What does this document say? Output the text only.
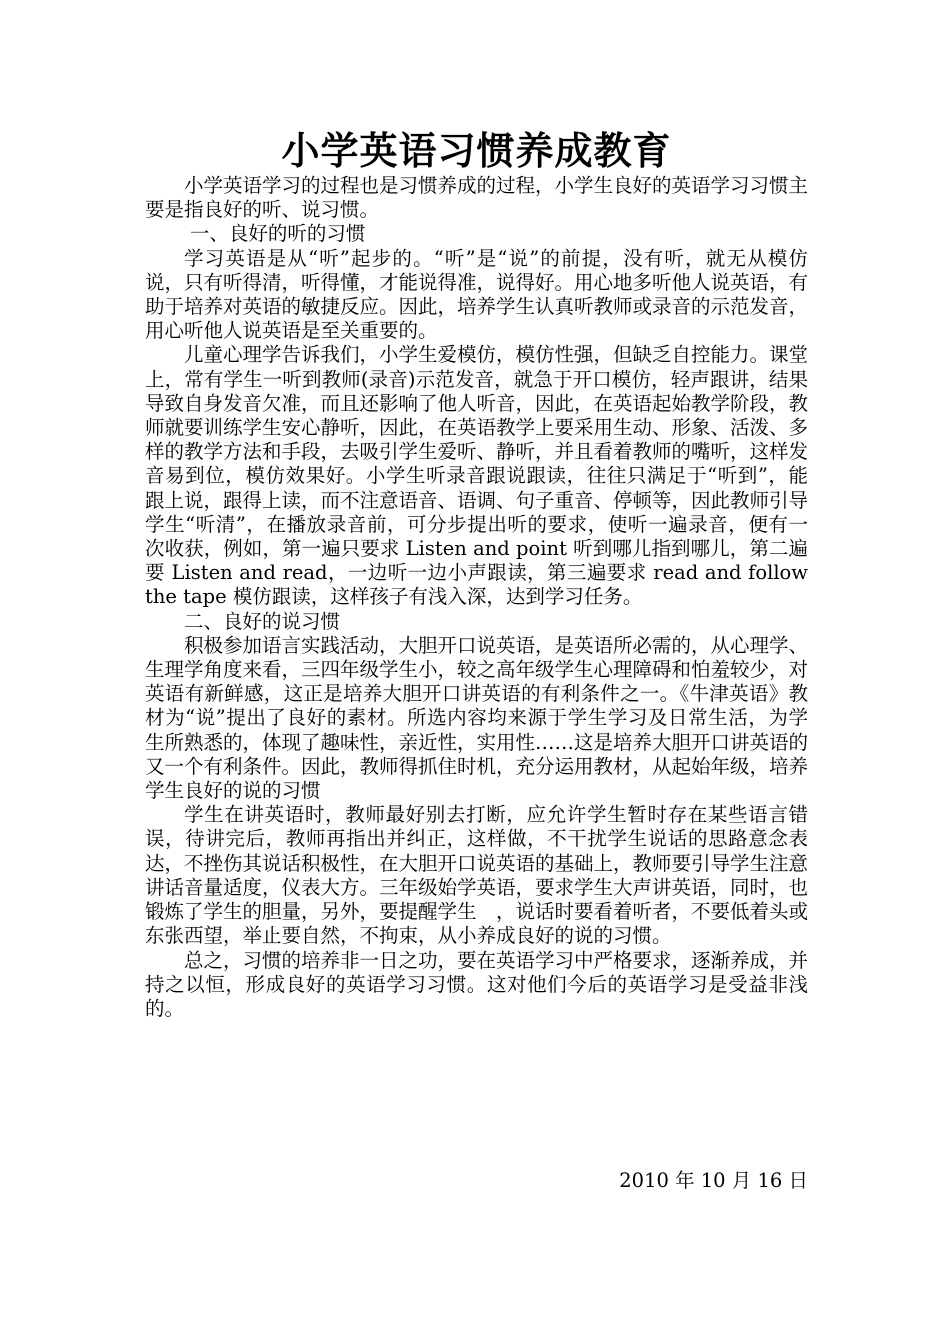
小学英语习惯养成教育

小学英语学习的过程也是习惯养成的过程，小学生良好的英语学习习惯主要是指良好的听、说习惯。

一、良好的听的习惯

学习英语是从“听”起步的。“听”是“说”的前提，没有听，就无从模仿说，只有听得清，听得懂，才能说得准，说得好。用心地多听他人说英语，有助于培养对英语的敏捷反应。因此，培养学生认真听教师或录音的示范发音，用心听他人说英语是至关重要的。

儿童心理学告诉我们，小学生爱模仿，模仿性强，但缺乏自控能力。课堂上，常有学生一听到教师(录音)示范发音，就急于开口模仿，轻声跟讲，结果导致自身发音欠准，而且还影响了他人听音，因此，在英语起始教学阶段，教师就要训练学生安心静听，因此，在英语教学上要采用生动、形象、活泼、多样的教学方法和手段，去吸引学生爱听、静听，并且看着教师的嘴听，这样发音易到位，模仿效果好。小学生听录音跟说跟读，往往只满足于“听到”，能跟上说，跟得上读，而不注意语音、语调、句子重音、停顿等，因此教师引导学生“听清”，在播放录音前，可分步提出听的要求，使听一遍录音，便有一次收获，例如，第一遍只要求 Listen and point 听到哪儿指到哪儿，第二遍要 Listen and read，一边听一边小声跟读，第三遍要求 read and follow the tape 模仿跟读，这样孩子有浅入深，达到学习任务。

二、良好的说习惯

积极参加语言实践活动，大胆开口说英语，是英语所必需的，从心理学、生理学角度来看，三四年级学生小，较之高年级学生心理障碍和怕羞较少，对英语有新鲜感，这正是培养大胆开口讲英语的有利条件之一。《牛津英语》教材为“说”提出了良好的素材。所选内容均来源于学生学习及日常生活，为学生所熟悉的，体现了趣味性，亲近性，实用性……这是培养大胆开口讲英语的又一个有利条件。因此，教师得抓住时机，充分运用教材，从起始年级，培养学生良好的说的习惯

学生在讲英语时，教师最好别去打断，应允许学生暂时存在某些语言错误，待讲完后，教师再指出并纠正，这样做，不干扰学生说话的思路意念表达，不挫伤其说话积极性，在大胆开口说英语的基础上，教师要引导学生注意讲话音量适度，仪表大方。三年级始学英语，要求学生大声讲英语，同时，也锻炼了学生的胆量，另外，要提醒学生　，说话时要看着听者，不要低着头或东张西望，举止要自然，不拘束，从小养成良好的说的习惯。

总之，习惯的培养非一日之功，要在英语学习中严格要求，逐渐养成，并持之以恒，形成良好的英语学习习惯。这对他们今后的英语学习是受益非浅的。

2010 年 10 月 16 日
